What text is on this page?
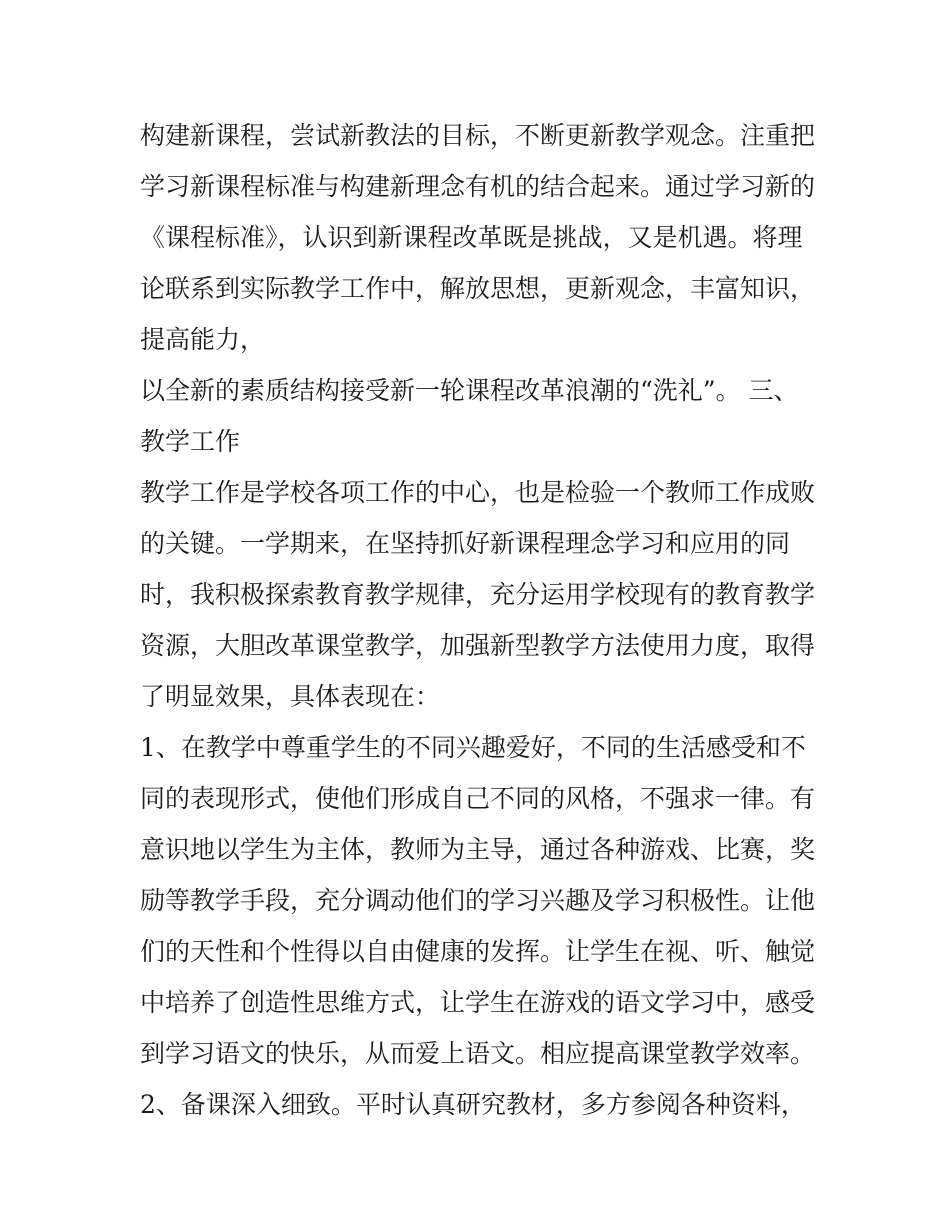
构建新课程，尝试新教法的目标，不断更新教学观念。注重把
学习新课程标准与构建新理念有机的结合起来。通过学习新的
《课程标准》，认识到新课程改革既是挑战，又是机遇。将理
论联系到实际教学工作中，解放思想，更新观念，丰富知识，
提高能力，
以全新的素质结构接受新一轮课程改革浪潮的“洗礼”。 三、
教学工作
教学工作是学校各项工作的中心，也是检验一个教师工作成败
的关键。一学期来，在坚持抓好新课程理念学习和应用的同
时，我积极探索教育教学规律，充分运用学校现有的教育教学
资源，大胆改革课堂教学，加强新型教学方法使用力度，取得
了明显效果，具体表现在：
1、在教学中尊重学生的不同兴趣爱好，不同的生活感受和不
同的表现形式，使他们形成自己不同的风格，不强求一律。有
意识地以学生为主体，教师为主导，通过各种游戏、比赛，奖
励等教学手段，充分调动他们的学习兴趣及学习积极性。让他
们的天性和个性得以自由健康的发挥。让学生在视、听、触觉
中培养了创造性思维方式，让学生在游戏的语文学习中，感受
到学习语文的快乐，从而爱上语文。相应提高课堂教学效率。
2、备课深入细致。平时认真研究教材，多方参阅各种资料，
